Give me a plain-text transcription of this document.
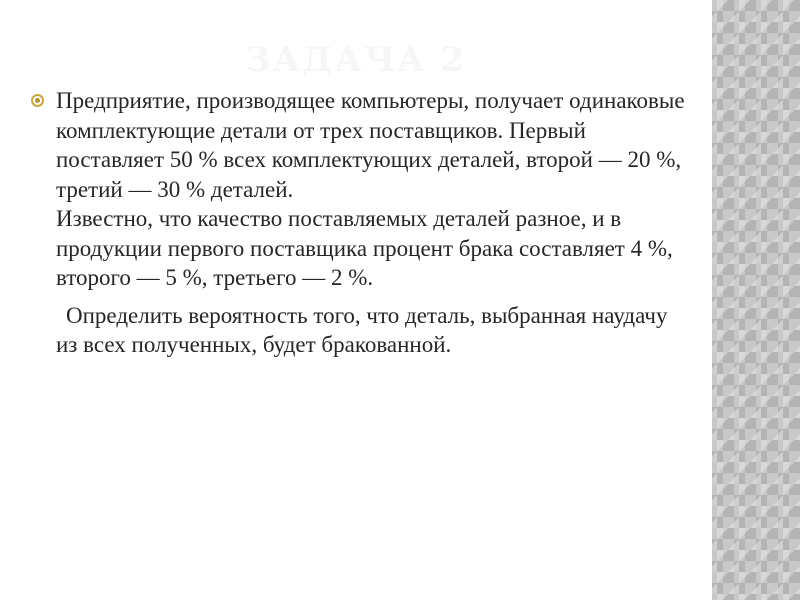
ЗАДАЧА 2
Предприятие, производящее компьютеры, получает одинаковые комплектующие детали от трех поставщиков. Первый поставляет 50 % всех комплектующих деталей, второй — 20 %, третий — 30 % деталей.
Известно, что качество поставляемых деталей разное, и в продукции первого поставщика процент брака составляет 4 %, второго — 5 %, третьего — 2 %.
Определить вероятность того, что деталь, выбранная наудачу из всех полученных, будет бракованной.
